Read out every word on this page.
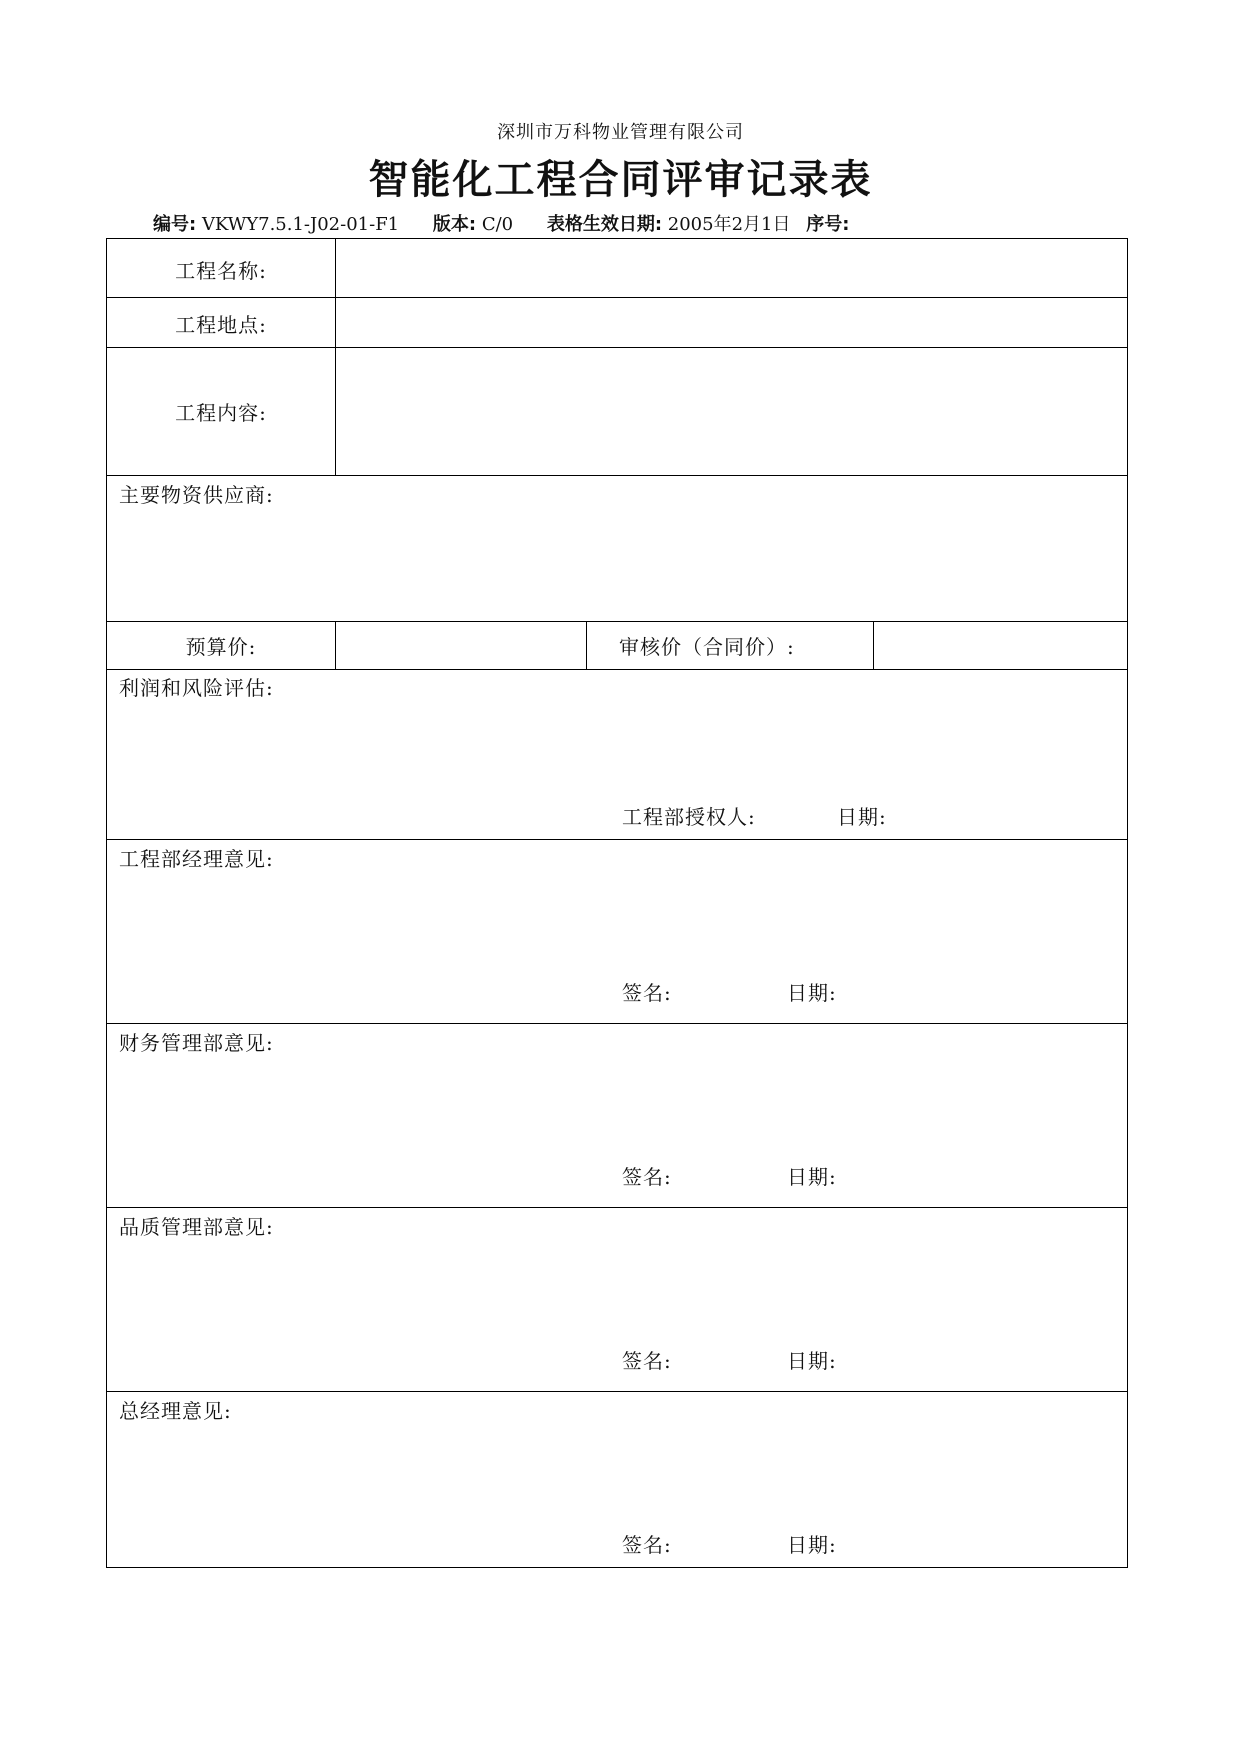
深圳市万科物业管理有限公司
智能化工程合同评审记录表
编号: VKWY7.5.1-J02-01-F1 版本: C/0 表格生效日期: 2005年2月1日 序号:
工程名称:
工程地点:
工程内容:
主要物资供应商:
预算价:	审核价（合同价）:
利润和风险评估:
工程部授权人:	日期:
工程部经理意见:
签名:	日期:
财务管理部意见:
签名:	日期:
品质管理部意见:
签名:	日期:
总经理意见:
签名:	日期:
